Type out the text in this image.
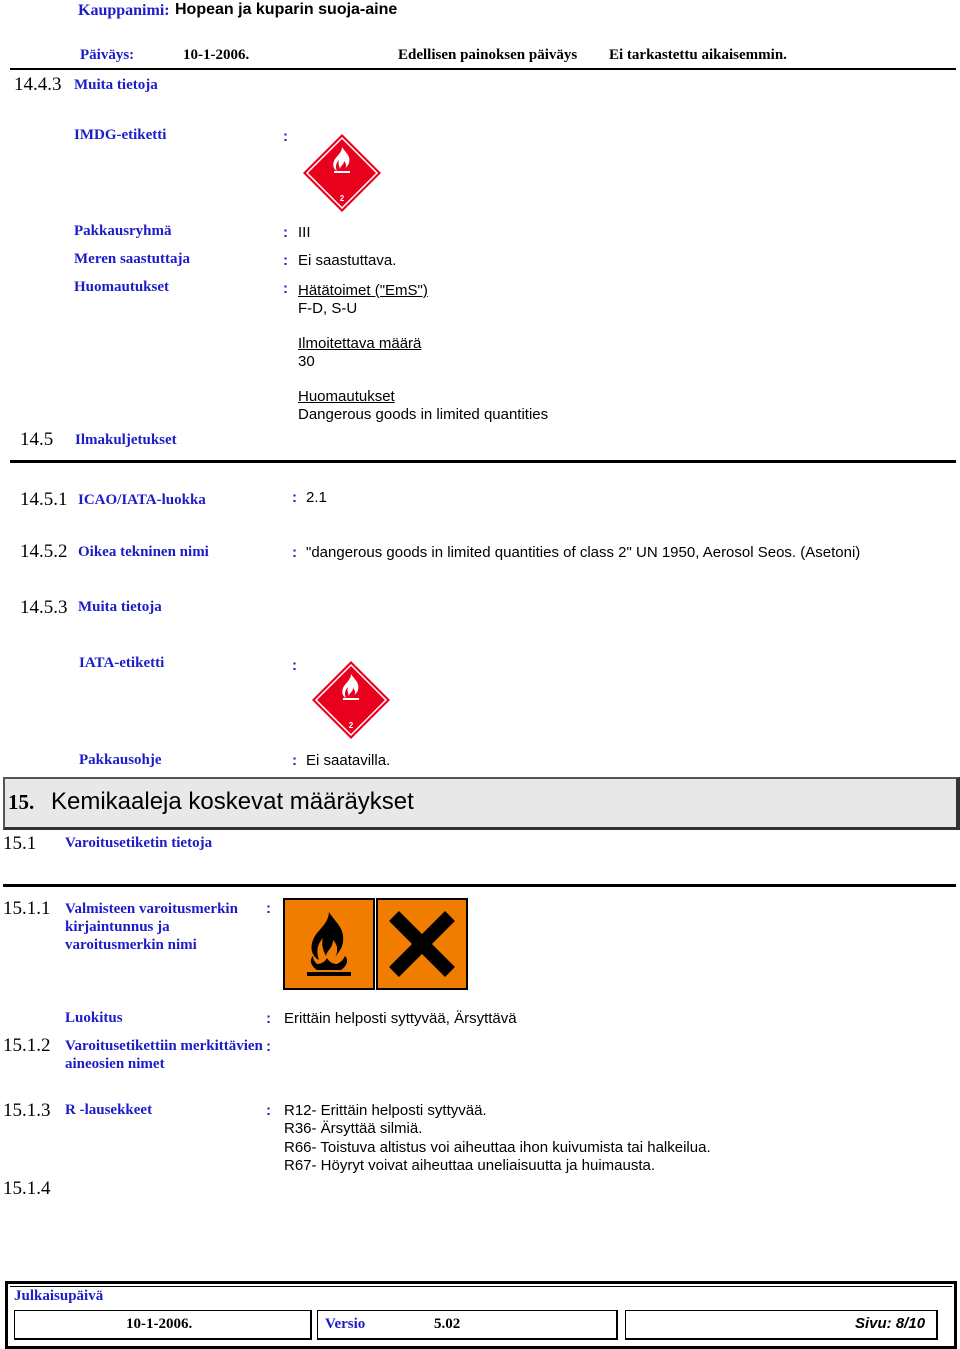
Kauppanimi: Hopean ja kuparin suoja-aine
Päiväys:	10-1-2006.	Edellisen painoksen päiväys Ei tarkastettu aikaisemmin.
14.4.3 Muita tietoja
IMDG-etiketti	:
2
Pakkausryhmä	: III
Meren saastuttaja	: Ei saastuttava.
Huomautukset	: Hätätoimet ("EmS")
F-D, S-U
Ilmoitettava määrä
30
Huomautukset
Dangerous goods in limited quantities
14.5 Ilmakuljetukset
14.5.1 ICAO/IATA-luokka	: 2.1
14.5.2 Oikea tekninen nimi	: "dangerous goods in limited quantities of class 2" UN 1950, Aerosol Seos. (Asetoni)
14.5.3 Muita tietoja
IATA-etiketti	:
2
Pakkausohje	: Ei saatavilla.
15. Kemikaaleja koskevat määräykset
15.1 Varoitusetiketin tietoja
15.1.1 Valmisteen varoitusmerkin kirjaintunnus ja varoitusmerkin nimi
:
Luokitus	: Erittäin helposti syttyvää, Ärsyttävä
15.1.2 Varoitusetikettiin merkittävien aineosien nimet
:
15.1.3 R -lausekkeet	: R12- Erittäin helposti syttyvää.
R36- Ärsyttää silmiä.
R66- Toistuva altistus voi aiheuttaa ihon kuivumista tai halkeilua.
R67- Höyryt voivat aiheuttaa uneliaisuutta ja huimausta.
15.1.4
Julkaisupäivä
10-1-2006.	Versio	5.02	Sivu: 8/10
